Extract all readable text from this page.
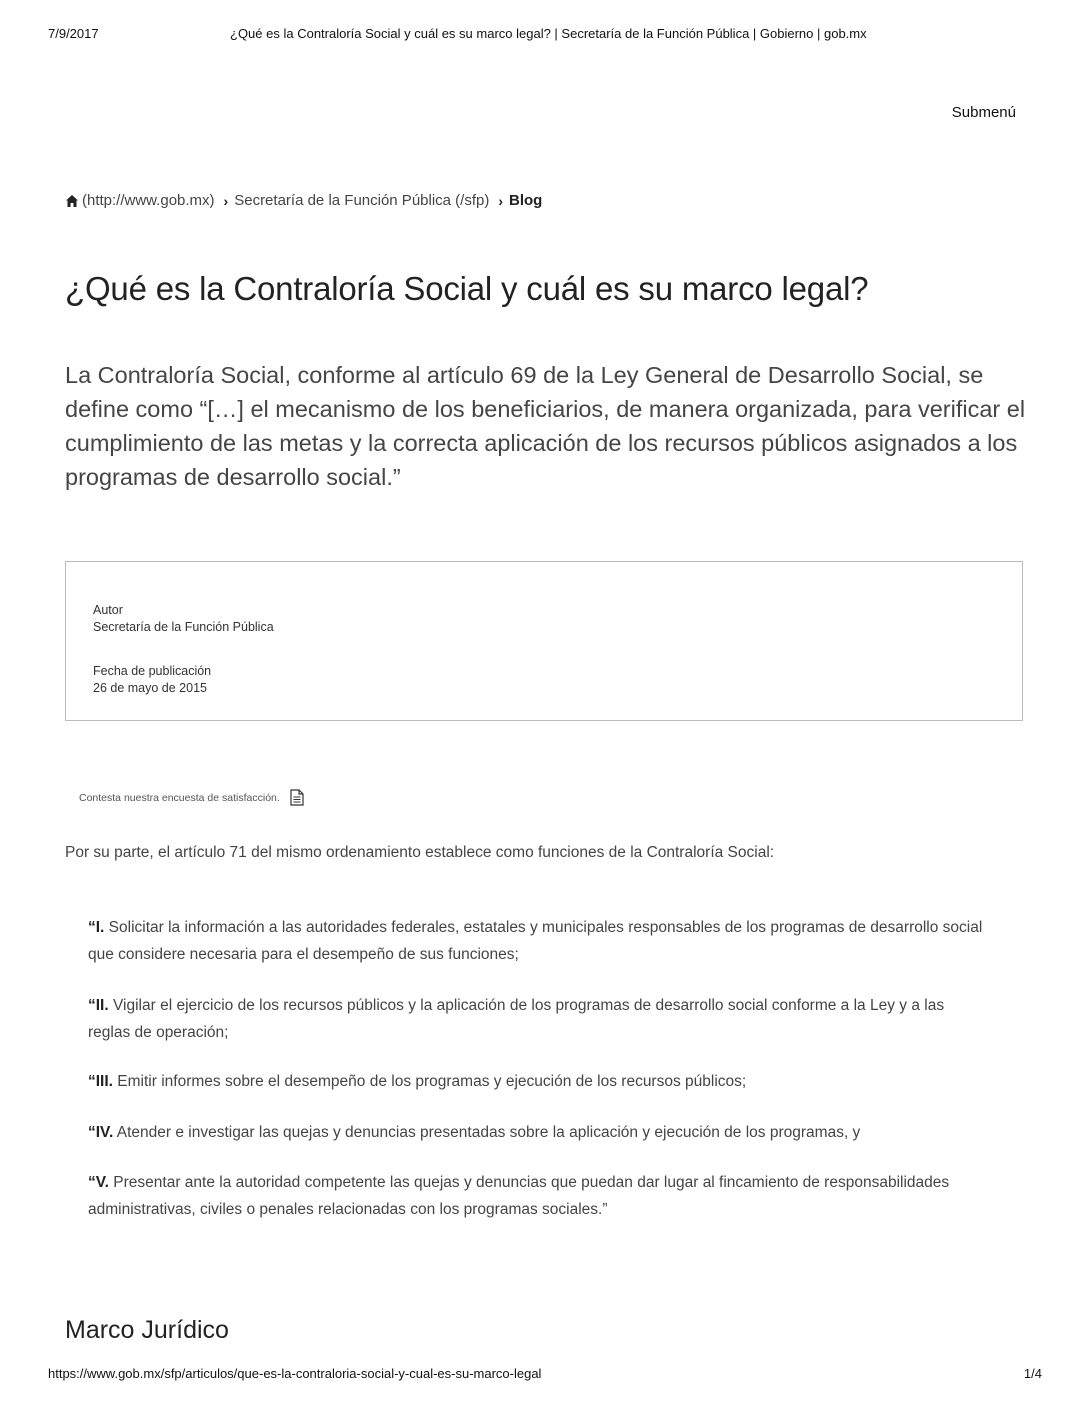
7/9/2017	¿Qué es la Contraloría Social y cuál es su marco legal? | Secretaría de la Función Pública | Gobierno | gob.mx
Submenú
(http://www.gob.mx) › Secretaría de la Función Pública (/sfp) › Blog
¿Qué es la Contraloría Social y cuál es su marco legal?

La Contraloría Social, conforme al artículo 69 de la Ley General de Desarrollo Social, se define como “[…] el mecanismo de los beneficiarios, de manera organizada, para verificar el cumplimiento de las metas y la correcta aplicación de los recursos públicos asignados a los programas de desarrollo social.”

Autor
Secretaría de la Función Pública
Fecha de publicación
26 de mayo de 2015
Contesta nuestra encuesta de satisfacción.

Por su parte, el artículo 71 del mismo ordenamiento establece como funciones de la Contraloría Social:

“I. Solicitar la información a las autoridades federales, estatales y municipales responsables de los programas de desarrollo social que considere necesaria para el desempeño de sus funciones;
“II. Vigilar el ejercicio de los recursos públicos y la aplicación de los programas de desarrollo social conforme a la Ley y a las reglas de operación;
“III. Emitir informes sobre el desempeño de los programas y ejecución de los recursos públicos;
“IV. Atender e investigar las quejas y denuncias presentadas sobre la aplicación y ejecución de los programas, y
“V. Presentar ante la autoridad competente las quejas y denuncias que puedan dar lugar al fincamiento de responsabilidades administrativas, civiles o penales relacionadas con los programas sociales.”
Marco Jurídico
https://www.gob.mx/sfp/articulos/que-es-la-contraloria-social-y-cual-es-su-marco-legal	1/4
